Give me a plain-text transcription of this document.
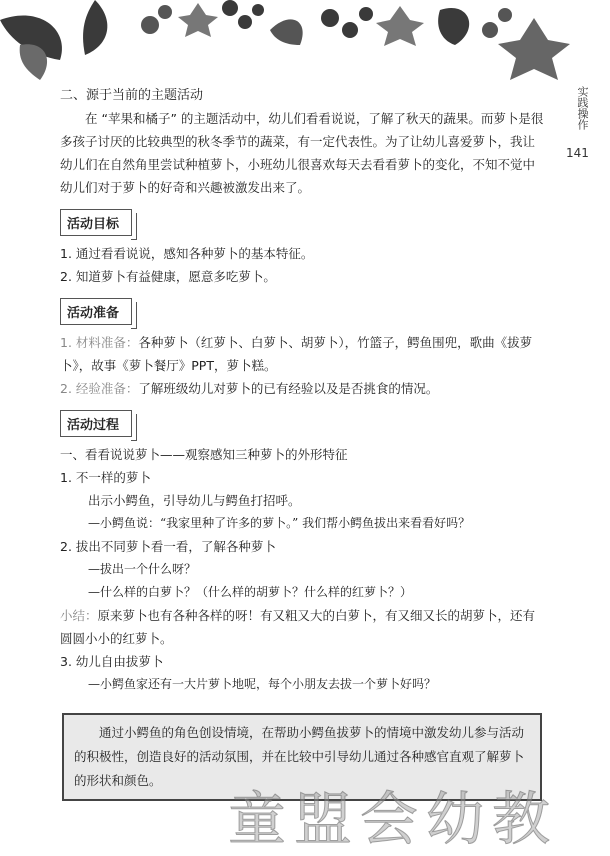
实践操作
141

二、源于当前的主题活动

在 “苹果和橘子” 的主题活动中，幼儿们看看说说，了解了秋天的蔬果。而萝卜是很多孩子讨厌的比较典型的秋冬季节的蔬菜，有一定代表性。为了让幼儿喜爱萝卜，我让幼儿们在自然角里尝试种植萝卜，小班幼儿很喜欢每天去看看萝卜的变化，不知不觉中幼儿们对于萝卜的好奇和兴趣被激发出来了。

活动目标

1. 通过看看说说，感知各种萝卜的基本特征。

2. 知道萝卜有益健康，愿意多吃萝卜。

活动准备

1. 材料准备：各种萝卜（红萝卜、白萝卜、胡萝卜），竹篮子，鳄鱼围兜，歌曲《拔萝卜》，故事《萝卜餐厅》PPT，萝卜糕。

2. 经验准备：了解班级幼儿对萝卜的已有经验以及是否挑食的情况。

活动过程

一、看看说说萝卜——观察感知三种萝卜的外形特征

1. 不一样的萝卜

出示小鳄鱼，引导幼儿与鳄鱼打招呼。

—小鳄鱼说：“我家里种了许多的萝卜。” 我们帮小鳄鱼拔出来看看好吗？

2. 拔出不同萝卜看一看，了解各种萝卜

—拔出一个什么呀？

—什么样的白萝卜？（什么样的胡萝卜？什么样的红萝卜？）

小结：原来萝卜也有各种各样的呀！有又粗又大的白萝卜，有又细又长的胡萝卜，还有圆圆小小的红萝卜。

3. 幼儿自由拔萝卜

—小鳄鱼家还有一大片萝卜地呢，每个小朋友去拔一个萝卜好吗？

通过小鳄鱼的角色创设情境，在帮助小鳄鱼拔萝卜的情境中激发幼儿参与活动的积极性，创造良好的活动氛围，并在比较中引导幼儿通过各种感官直观了解萝卜的形状和颜色。
童盟会幼教
